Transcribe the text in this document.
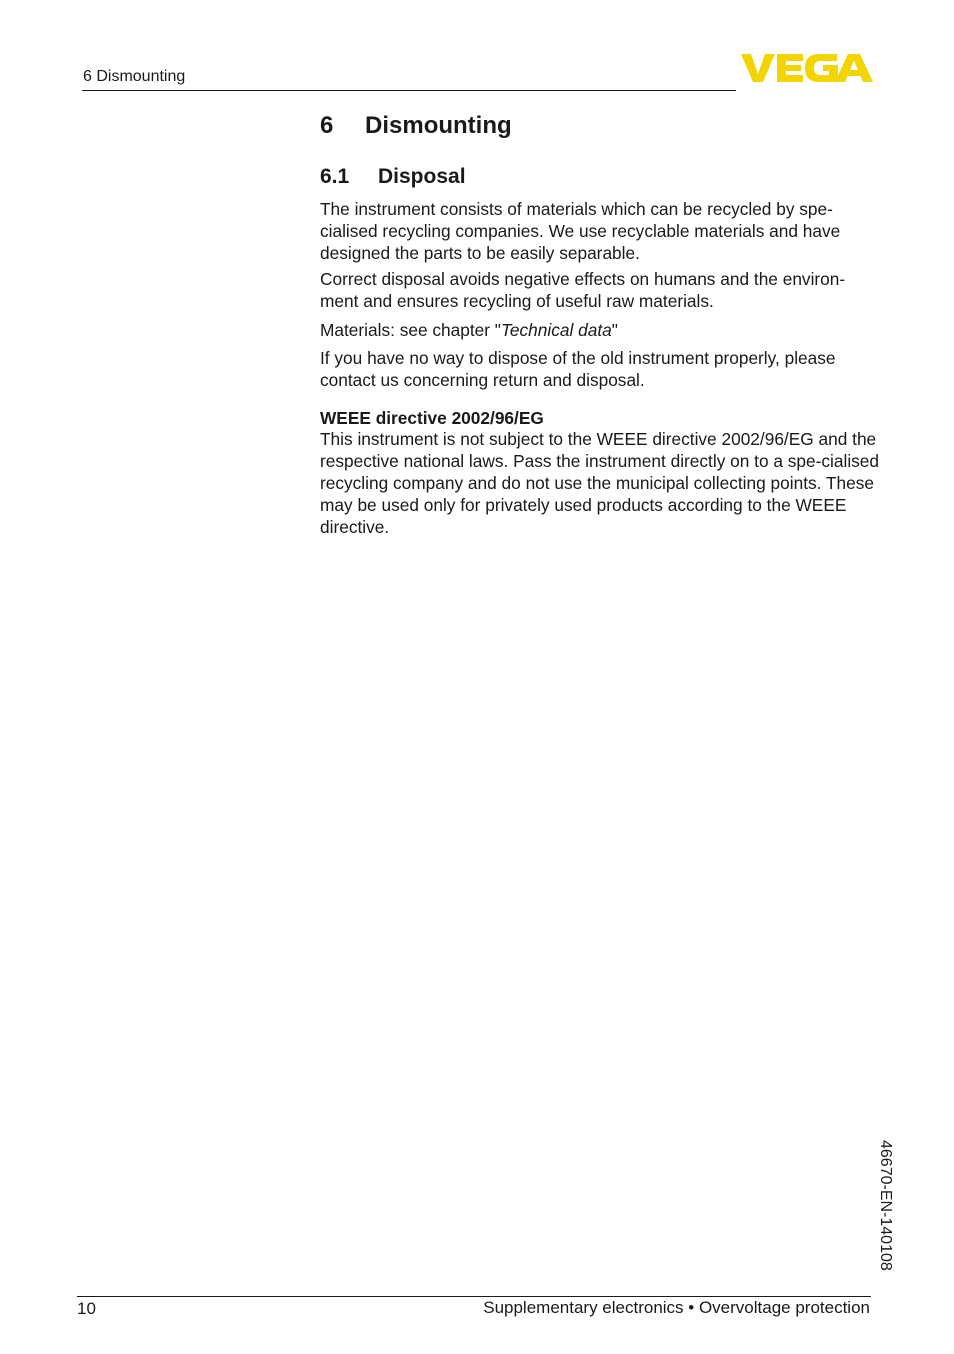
6 Dismounting
6 Dismounting
6.1 Disposal

The instrument consists of materials which can be recycled by spe-cialised recycling companies. We use recyclable materials and have designed the parts to be easily separable.

Correct disposal avoids negative effects on humans and the environ-ment and ensures recycling of useful raw materials.

Materials: see chapter "Technical data"

If you have no way to dispose of the old instrument properly, please contact us concerning return and disposal.

WEEE directive 2002/96/EG

This instrument is not subject to the WEEE directive 2002/96/EG and the respective national laws. Pass the instrument directly on to a spe-cialised recycling company and do not use the municipal collecting points. These may be used only for privately used products according to the WEEE directive.

46670-EN-140108
10	Supplementary electronics • Overvoltage protection
